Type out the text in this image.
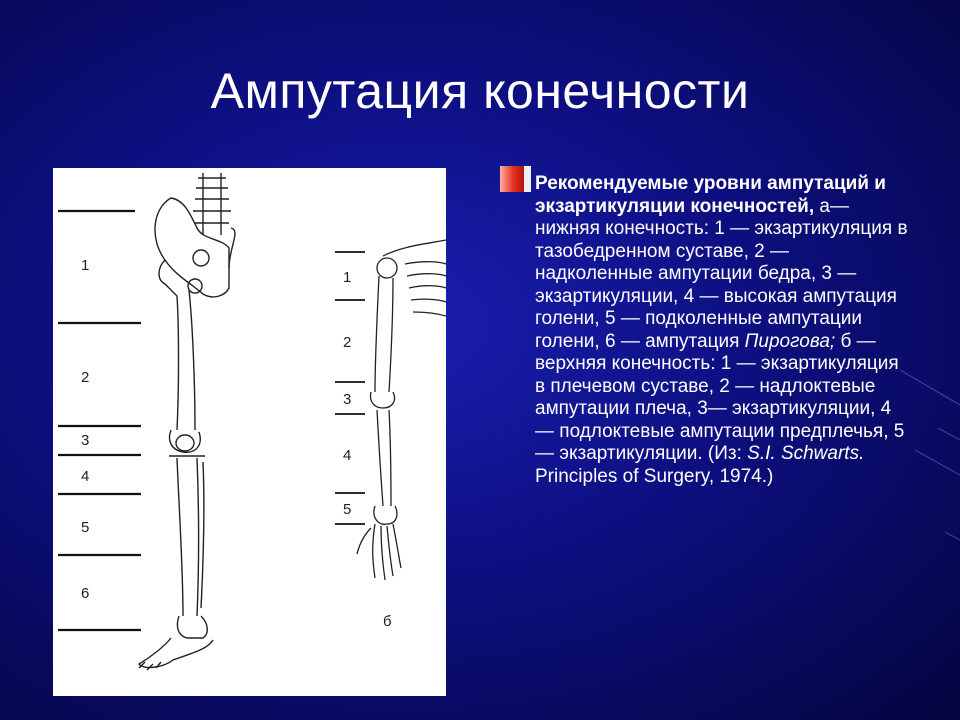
Ампутация конечности
1
2
3
4
5
6
1
2
3
4
5
б
Рекомендуемые уровни ампутаций и экзартикуляции конечностей, а— нижняя конечность: 1 — экзартикуляция в тазобедренном суставе, 2 — надколенные ампутации бедра, 3 — экзартикуляции, 4 — высокая ампутация голени, 5 — подколенные ампутации голени, 6 — ампутация Пирогова; б — верхняя конечность: 1 — экзартикуляция в плечевом суставе, 2 — надлоктевые ампутации плеча, 3— экзартикуляции, 4— подлоктевые ампутации предплечья, 5 — экзартикуляции. (Из: S.I. Schwarts. Principles of Surgery, 1974.)
